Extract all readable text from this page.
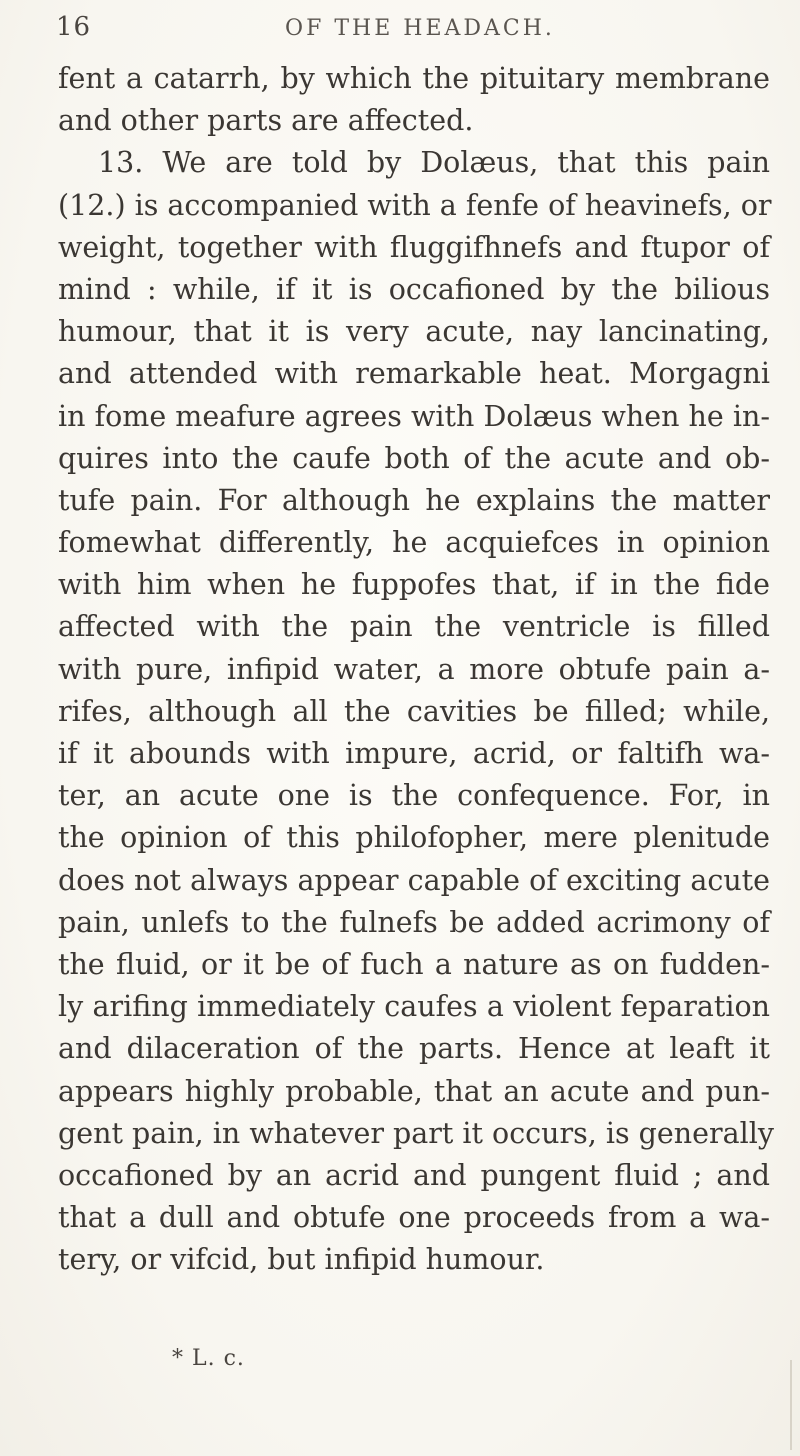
16	OF THE HEADACH.
fent a catarrh, by which the pituitary membrane
and other parts are affected.
13. We are told by Dolæus, that this pain
(12.) is accompanied with a fenfe of heavinefs, or
weight, together with fluggifhnefs and ftupor of
mind : while, if it is occafioned by the bilious
humour, that it is very acute, nay lancinating,
and attended with remarkable heat. Morgagni
in fome meafure agrees with Dolæus when he in-
quires into the caufe both of the acute and ob-
tufe pain. For although he explains the matter
fomewhat differently, he acquiefces in opinion
with him when he fuppofes that, if in the fide
affected with the pain the ventricle is filled
with pure, infipid water, a more obtufe pain a-
rifes, although all the cavities be filled; while,
if it abounds with impure, acrid, or faltifh wa-
ter, an acute one is the confequence. For, in
the opinion of this philofopher, mere plenitude
does not always appear capable of exciting acute
pain, unlefs to the fulnefs be added acrimony of
the fluid, or it be of fuch a nature as on fudden-
ly arifing immediately caufes a violent feparation
and dilaceration of the parts. Hence at leaft it
appears highly probable, that an acute and pun-
gent pain, in whatever part it occurs, is generally
occafioned by an acrid and pungent fluid ; and
that a dull and obtufe one proceeds from a wa-
tery, or vifcid, but infipid humour.
* L. c.
